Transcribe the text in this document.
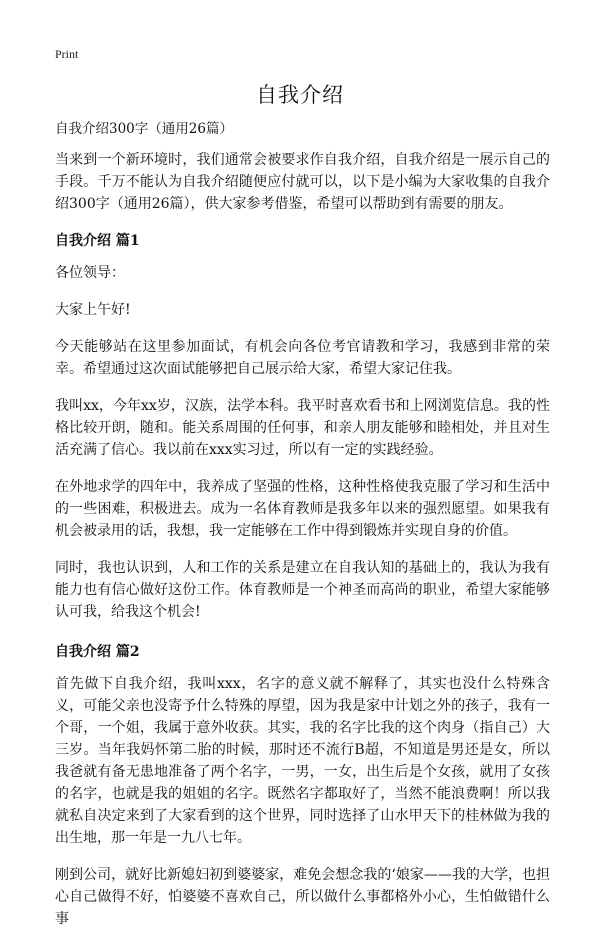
Print
自我介绍

自我介绍300字（通用26篇）

当来到一个新环境时，我们通常会被要求作自我介绍，自我介绍是一展示自己的手段。千万不能认为自我介绍随便应付就可以，以下是小编为大家收集的自我介绍300字（通用26篇），供大家参考借鉴，希望可以帮助到有需要的朋友。

自我介绍 篇1

各位领导：

大家上午好!

今天能够站在这里参加面试，有机会向各位考官请教和学习，我感到非常的荣幸。希望通过这次面试能够把自己展示给大家，希望大家记住我。

我叫xx，今年xx岁，汉族，法学本科。我平时喜欢看书和上网浏览信息。我的性格比较开朗，随和。能关系周围的任何事，和亲人朋友能够和睦相处，并且对生活充满了信心。我以前在xxx实习过，所以有一定的实践经验。

在外地求学的四年中，我养成了坚强的性格，这种性格使我克服了学习和生活中的一些困难，积极进去。成为一名体育教师是我多年以来的强烈愿望。如果我有机会被录用的话，我想，我一定能够在工作中得到锻炼并实现自身的价值。

同时，我也认识到，人和工作的关系是建立在自我认知的基础上的，我认为我有能力也有信心做好这份工作。体育教师是一个神圣而高尚的职业，希望大家能够认可我，给我这个机会!

自我介绍 篇2

首先做下自我介绍，我叫xxx，名字的意义就不解释了，其实也没什么特殊含义，可能父亲也没寄予什么特殊的厚望，因为我是家中计划之外的孩子，我有一个哥，一个姐，我属于意外收获。其实，我的名字比我的这个肉身（指自己）大三岁。当年我妈怀第二胎的时候，那时还不流行B超，不知道是男还是女，所以我爸就有备无患地准备了两个名字，一男，一女，出生后是个女孩，就用了女孩的名字，也就是我的姐姐的名字。既然名字都取好了，当然不能浪费啊！所以我就私自决定来到了大家看到的这个世界，同时选择了山水甲天下的桂林做为我的出生地，那一年是一九八七年。

刚到公司，就好比新媳妇初到婆婆家，难免会想念我的‘娘家——我的大学，也担心自己做得不好，怕婆婆不喜欢自己，所以做什么事都格外小心，生怕做错什么事
